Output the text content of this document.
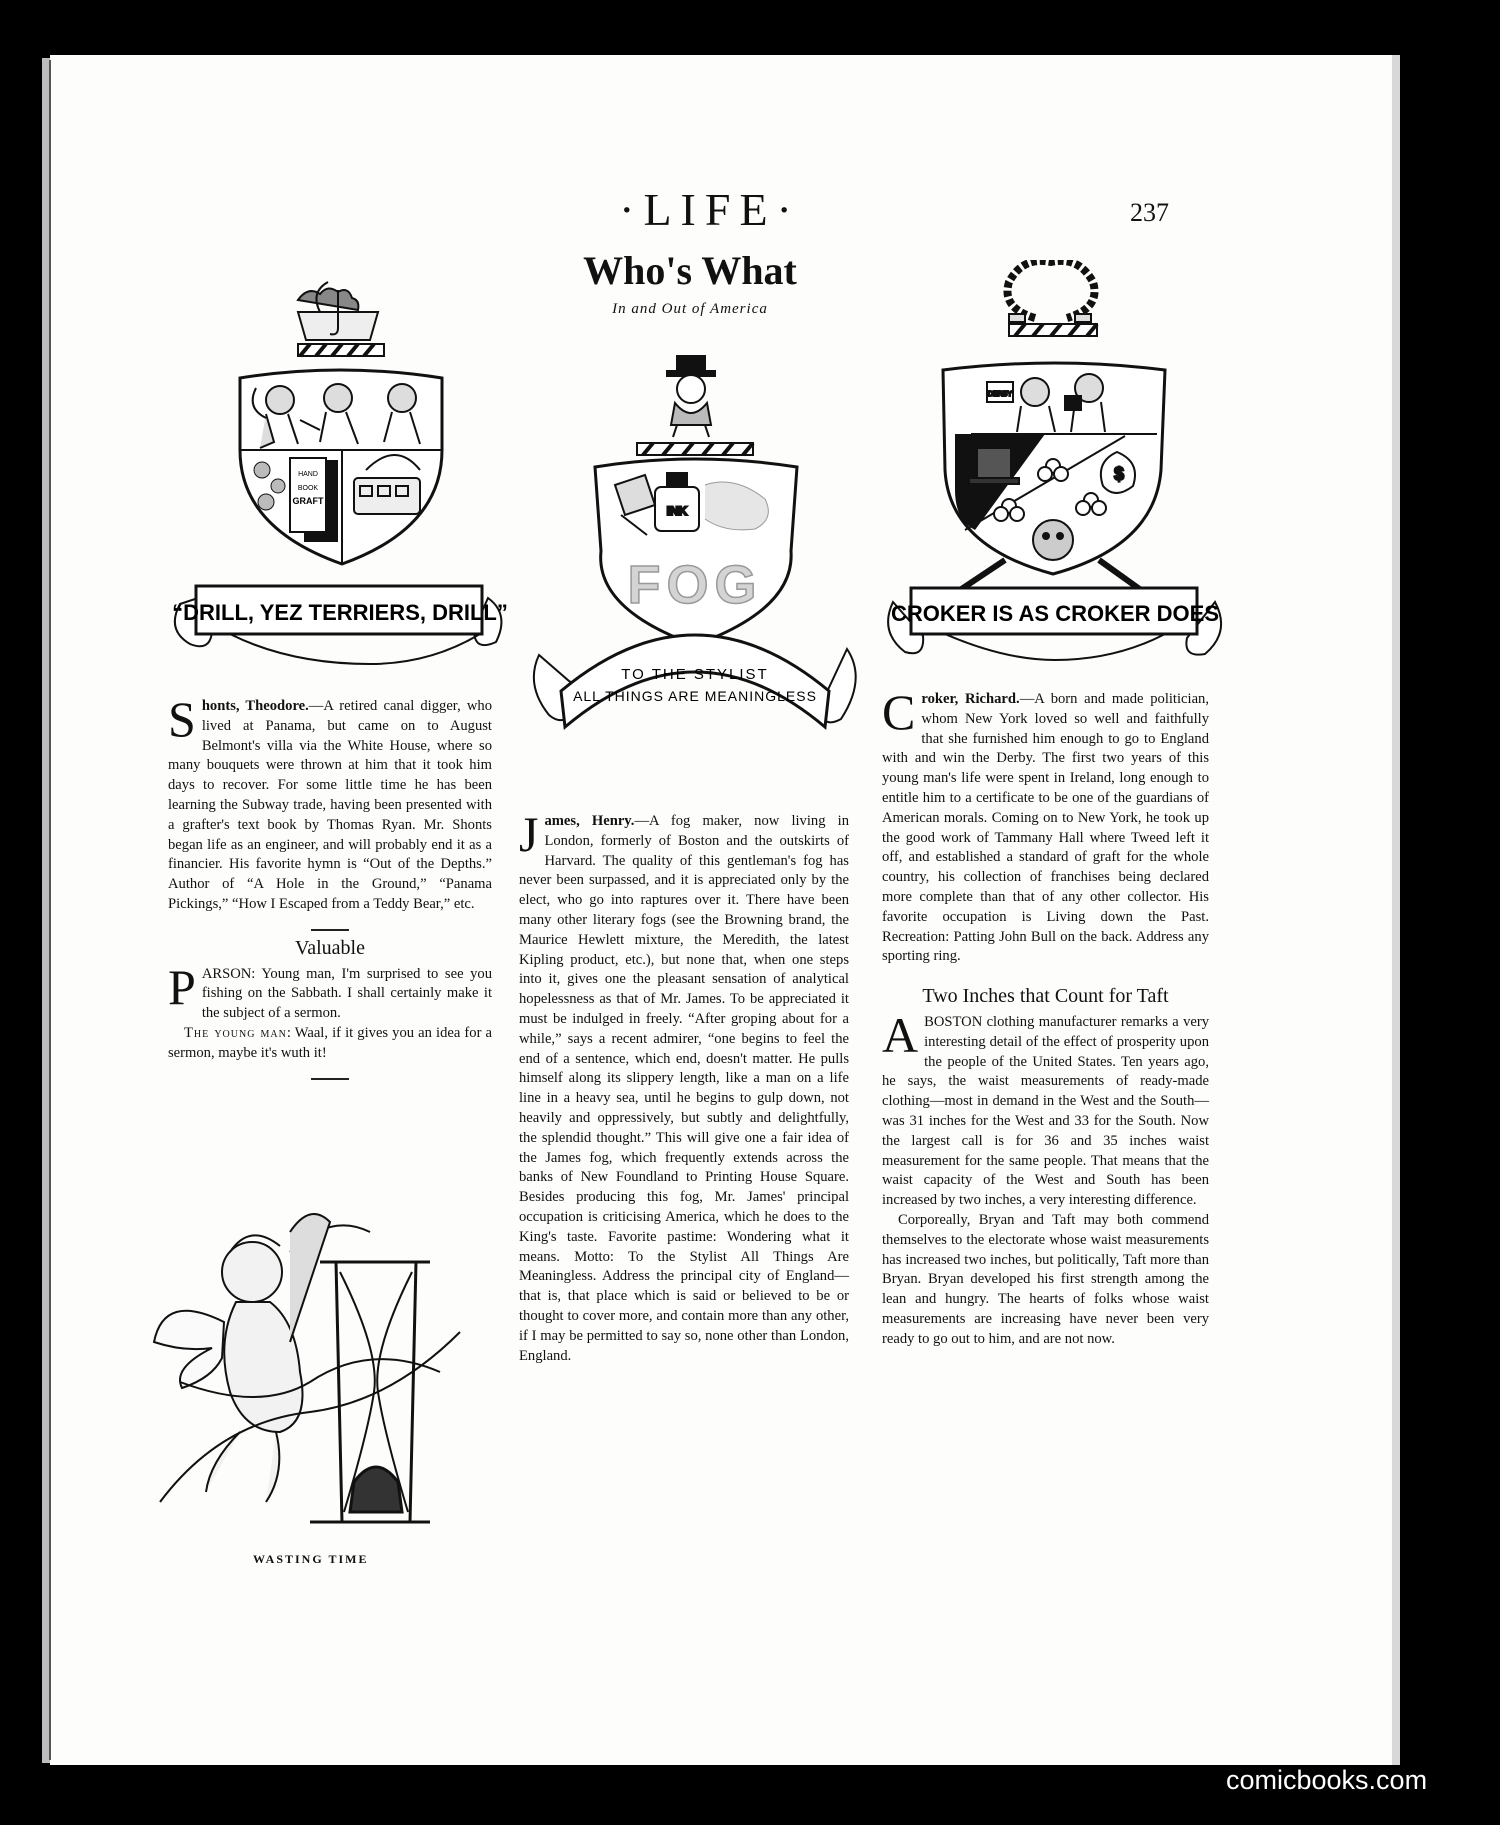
·LIFE·	237
Who's What
In and Out of America
HAND
BOOK
GRAFT
“DRILL, YEZ TERRIERS, DRILL”
INK
FOG
TO THE STYLIST
ALL THINGS ARE MEANINGLESS
DERBY
$
CROKER IS AS CROKER DOES

Shonts, Theodore.—A retired canal digger, who lived at Panama, but came on to August Belmont's villa via the White House, where so many bouquets were thrown at him that it took him days to recover. For some little time he has been learning the Subway trade, having been presented with a grafter's text book by Thomas Ryan. Mr. Shonts began life as an engineer, and will probably end it as a financier. His favorite hymn is “Out of the Depths.” Author of “A Hole in the Ground,” “Panama Pickings,” “How I Escaped from a Teddy Bear,” etc.

Valuable

PARSON: Young man, I'm surprised to see you fishing on the Sabbath. I shall certainly make it the subject of a sermon.

The young man: Waal, if it gives you an idea for a sermon, maybe it's wuth it!

WASTING TIME

James, Henry.—A fog maker, now living in London, formerly of Boston and the outskirts of Harvard. The quality of this gentleman's fog has never been surpassed, and it is appreciated only by the elect, who go into raptures over it. There have been many other literary fogs (see the Browning brand, the Maurice Hewlett mixture, the Meredith, the latest Kipling product, etc.), but none that, when one steps into it, gives one the pleasant sensation of analytical hopelessness as that of Mr. James. To be appreciated it must be indulged in freely. “After groping about for a while,” says a recent admirer, “one begins to feel the end of a sentence, which end, doesn't matter. He pulls himself along its slippery length, like a man on a life line in a heavy sea, until he begins to gulp down, not heavily and oppressively, but subtly and delightfully, the splendid thought.” This will give one a fair idea of the James fog, which frequently extends across the banks of New Foundland to Printing House Square. Besides producing this fog, Mr. James' principal occupation is criticising America, which he does to the King's taste. Favorite pastime: Wondering what it means. Motto: To the Stylist All Things Are Meaningless. Address the principal city of England—that is, that place which is said or believed to be or thought to cover more, and contain more than any other, if I may be permitted to say so, none other than London, England.

Croker, Richard.—A born and made politician, whom New York loved so well and faithfully that she furnished him enough to go to England with and win the Derby. The first two years of this young man's life were spent in Ireland, long enough to entitle him to a certificate to be one of the guardians of American morals. Coming on to New York, he took up the good work of Tammany Hall where Tweed left it off, and established a standard of graft for the whole country, his collection of franchises being declared more complete than that of any other collector. His favorite occupation is Living down the Past. Recreation: Patting John Bull on the back. Address any sporting ring.

Two Inches that Count for Taft

A BOSTON clothing manufacturer remarks a very interesting detail of the effect of prosperity upon the people of the United States. Ten years ago, he says, the waist measurements of ready-made clothing—most in demand in the West and the South—was 31 inches for the West and 33 for the South. Now the largest call is for 36 and 35 inches waist measurement for the same people. That means that the waist capacity of the West and South has been increased by two inches, a very interesting difference.

Corporeally, Bryan and Taft may both commend themselves to the electorate whose waist measurements has increased two inches, but politically, Taft more than Bryan. Bryan developed his first strength among the lean and hungry. The hearts of folks whose waist measurements are increasing have never been very ready to go out to him, and are not now.

comicbooks.com
